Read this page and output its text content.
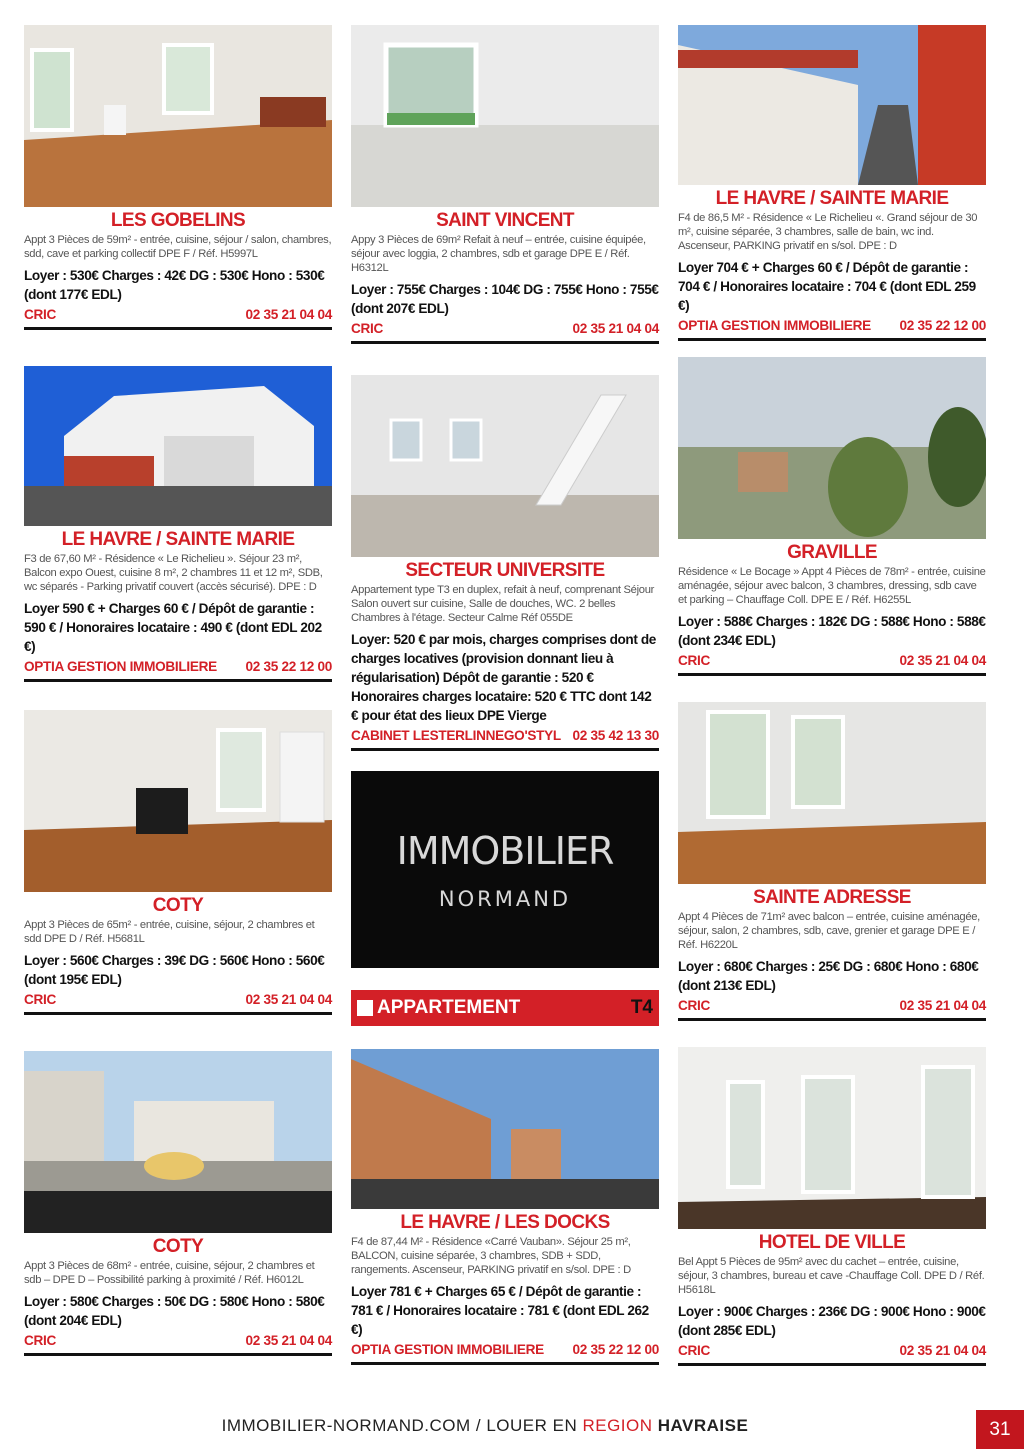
LES GOBELINS
Appt 3 Pièces de 59m² - entrée, cuisine, séjour / salon, chambres, sdd, cave et parking collectif DPE F / Réf. H5997L
Loyer : 530€ Charges : 42€ DG : 530€ Hono : 530€ (dont 177€ EDL)
CRIC	02 35 21 04 04
LE HAVRE / SAINTE MARIE
F3 de 67,60 M² - Résidence « Le Richelieu ». Séjour 23 m², Balcon expo Ouest, cuisine 8 m², 2 chambres 11 et 12 m², SDB, wc séparés - Parking privatif couvert (accès sécurisé). DPE : D
Loyer 590 € + Charges 60 € / Dépôt de garantie : 590 € / Honoraires locataire : 490 € (dont EDL 202 €)
OPTIA GESTION IMMOBILIERE 02 35 22 12 00
COTY
Appt 3 Pièces de 65m² - entrée, cuisine, séjour, 2 chambres et sdd DPE D / Réf. H5681L
Loyer : 560€ Charges : 39€ DG : 560€ Hono : 560€ (dont 195€ EDL)
CRIC	02 35 21 04 04
COTY
Appt 3 Pièces de 68m² - entrée, cuisine, séjour, 2 chambres et sdb – DPE D – Possibilité parking à proximité / Réf. H6012L
Loyer : 580€ Charges : 50€ DG : 580€ Hono : 580€ (dont 204€ EDL)
CRIC	02 35 21 04 04
SAINT VINCENT
Appy 3 Pièces de 69m² Refait à neuf – entrée, cuisine équipée, séjour avec loggia, 2 chambres, sdb et garage DPE E / Réf. H6312L
Loyer : 755€ Charges : 104€ DG : 755€ Hono : 755€ (dont 207€ EDL)
CRIC	02 35 21 04 04
SECTEUR UNIVERSITE
Appartement type T3 en duplex, refait à neuf, comprenant Séjour Salon ouvert sur cuisine, Salle de douches, WC. 2 belles Chambres à l'étage. Secteur Calme Réf 055DE
Loyer: 520 € par mois, charges comprises dont de charges locatives (provision donnant lieu à régularisation) Dépôt de garantie : 520 € Honoraires charges locataire: 520 € TTC dont 142 € pour état des lieux DPE Vierge
CABINET LESTERLINNEGO'STYL 02 35 42 13 30
IMMOBILIER
NORMAND
APPARTEMENT	T4
LE HAVRE / LES DOCKS
F4 de 87,44 M² - Résidence «Carré Vauban». Séjour 25 m², BALCON, cuisine séparée, 3 chambres, SDB + SDD, rangements. Ascenseur, PARKING privatif en s/sol. DPE : D
Loyer 781 € + Charges 65 € / Dépôt de garantie : 781 € / Honoraires locataire : 781 € (dont EDL 262 €)
OPTIA GESTION IMMOBILIERE 02 35 22 12 00
LE HAVRE / SAINTE MARIE
F4 de 86,5 M² - Résidence « Le Richelieu «. Grand séjour de 30 m², cuisine séparée, 3 chambres, salle de bain, wc ind. Ascenseur, PARKING privatif en s/sol. DPE : D
Loyer 704 € + Charges 60 € / Dépôt de garantie : 704 € / Honoraires locataire : 704 € (dont EDL 259 €)
OPTIA GESTION IMMOBILIERE 02 35 22 12 00
GRAVILLE
Résidence « Le Bocage » Appt 4 Pièces de 78m² - entrée, cuisine aménagée, séjour avec balcon, 3 chambres, dressing, sdb cave et parking – Chauffage Coll. DPE E / Réf. H6255L
Loyer : 588€ Charges : 182€ DG : 588€ Hono : 588€ (dont 234€ EDL)
CRIC	02 35 21 04 04
SAINTE ADRESSE
Appt 4 Pièces de 71m² avec balcon – entrée, cuisine aménagée, séjour, salon, 2 chambres, sdb, cave, grenier et garage DPE E / Réf. H6220L
Loyer : 680€ Charges : 25€ DG : 680€ Hono : 680€ (dont 213€ EDL)
CRIC	02 35 21 04 04
HOTEL DE VILLE
Bel Appt 5 Pièces de 95m² avec du cachet – entrée, cuisine, séjour, 3 chambres, bureau et cave -Chauffage Coll. DPE D / Réf. H5618L
Loyer : 900€ Charges : 236€ DG : 900€ Hono : 900€ (dont 285€ EDL)
CRIC	02 35 21 04 04
IMMOBILIER-NORMAND.COM / LOUER EN REGION HAVRAISE	31
